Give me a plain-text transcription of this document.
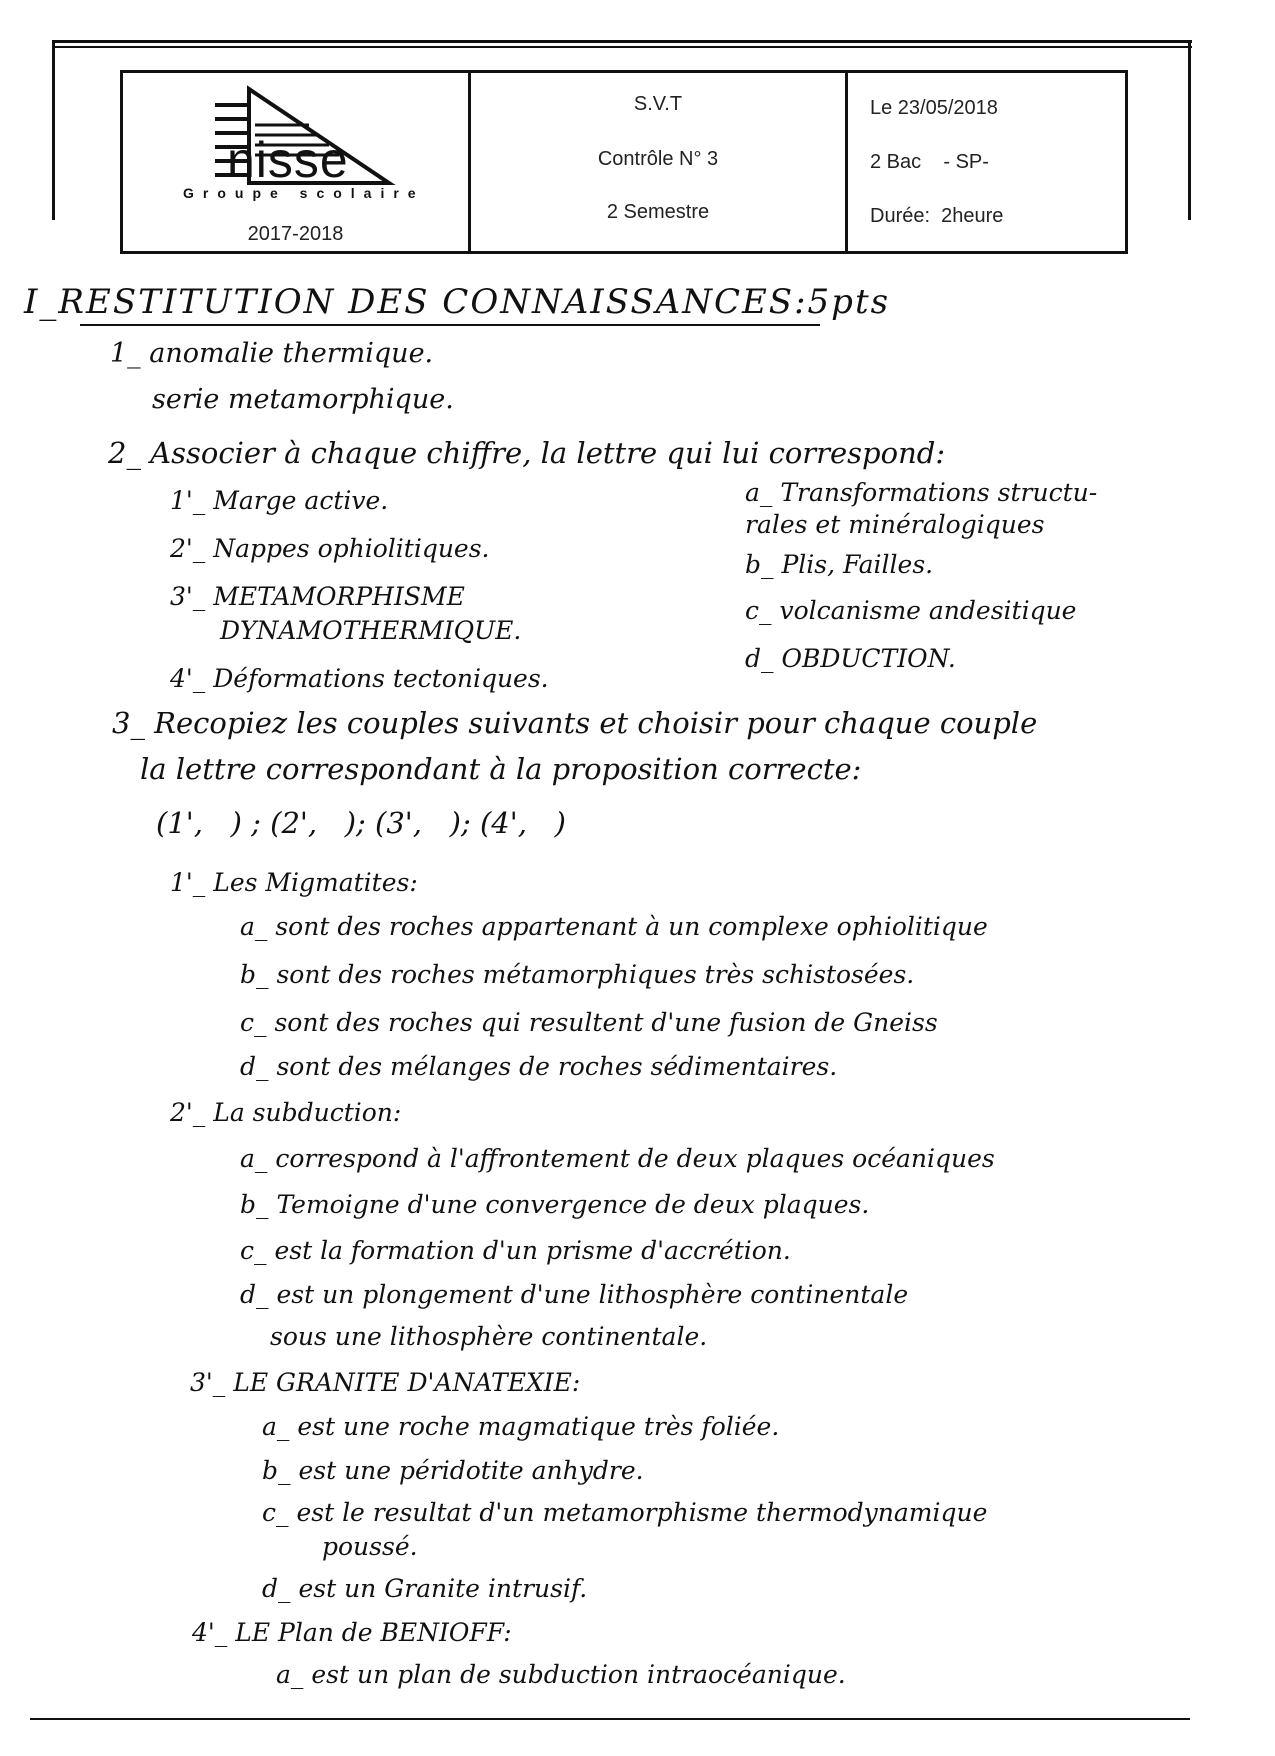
nisse
Groupe scolaire
2017-2018
S.V.T
Contrôle N° 3
2 Semestre
Le 23/05/2018
2 Bac    - SP-
Durée:  2heure
I_RESTITUTION DES CONNAISSANCES:5pts
1_ anomalie thermique.
serie metamorphique.
2_ Associer à chaque chiffre, la lettre qui lui correspond:
1'_ Marge active.
2'_ Nappes ophiolitiques.
3'_ METAMORPHISME
DYNAMOTHERMIQUE.
4'_ Déformations tectoniques.
a_ Transformations structu-
rales et minéralogiques
b_ Plis, Failles.
c_ volcanisme andesitique
d_ OBDUCTION.
3_ Recopiez les couples suivants et choisir pour chaque couple
la lettre correspondant à la proposition correcte:
(1',   ) ; (2',   ); (3',   ); (4',   )
1'_ Les Migmatites:
a_ sont des roches appartenant à un complexe ophiolitique
b_ sont des roches métamorphiques très schistosées.
c_ sont des roches qui resultent d'une fusion de Gneiss
d_ sont des mélanges de roches sédimentaires.
2'_ La subduction:
a_ correspond à l'affrontement de deux plaques océaniques
b_ Temoigne d'une convergence de deux plaques.
c_ est la formation d'un prisme d'accrétion.
d_ est un plongement d'une lithosphère continentale
sous une lithosphère continentale.
3'_ LE GRANITE D'ANATEXIE:
a_ est une roche magmatique très foliée.
b_ est une péridotite anhydre.
c_ est le resultat d'un metamorphisme thermodynamique
poussé.
d_ est un Granite intrusif.
4'_ LE Plan de BENIOFF:
a_ est un plan de subduction intraocéanique.
